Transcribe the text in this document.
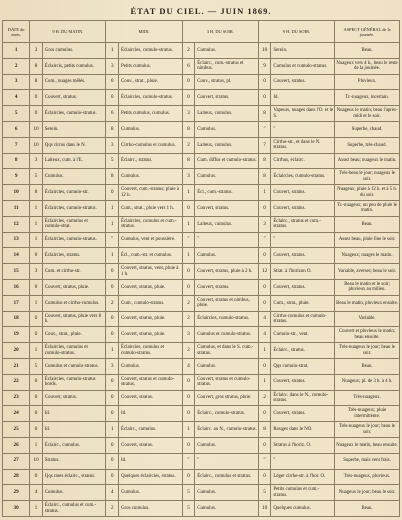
ÉTAT DU CIEL. — JUIN 1869.
DATE du mois.	9 H. DU MATIN.		MIDI.		3 H. DU SOIR.		9 H. DU SOIR.		ASPECT GÉNÉRAL de la journée.
1	3	Gros cumulus.	1	Éclaircies, cumulo-stratus.	2	Cumulus.	10	Serein.	Beau.
2	8	Éclaircis, petits cumulus.	3	Petits cumulus.	6	Éclairc., cum.-stratus et nimbus.	9	Cumulus et cumulo-stratus.	Nuageux vers 4 h., beau le reste de la journée.
3	8	Cum., nuages mêlés.	0	Couv., strat., pluie.	0	Couv., stratus, pl.	0	Couvert, stratus.	Pluvieux.
4	0	Couvert, stratus.	0	Éclaircies, cumulo-stratus.	0	Couvert, stratus.	0	Id.	Tr.-nuageux, incertain.
5	0	Éclaircies, cumulo-stratus.	6	Petits cumulus, cumulus.	3	Laiteux, cumulus.	8	Vapeurs, nuages dans l'O. et le S.	Nuageux le matin; beau l'après-midi et le soir.
6	10	Serein.	8	Cumulus.	8	Cumulus.	″	″	Superbe, chaud.
7	10	Qqs cirrus dans le N.	3	Cirrho-cumulus et cumulus.	2	Laiteux, cumulus.	7	Cirrho-str., et dans le N. stratus.	Superbe, très-chaud.
8	3	Laiteux, cum. à l'E.	5	Éclairc., stratus.	8	Cum. diffus et cumulo-stratus.	8	Cirrhus, éclairc.	Assez beau; nuageux le matin.
9	5	Cumulus.	8	Cumulus.	3	Cumulus.	8	Éclaircies, cumulo-stratus.	Très-beau le jour; nuageux le soir.
10	8	Éclaircies, cumulo-str.	0	Couvert, cum.-stratus; pluie à 12 h.	1	Écl., cum.-stratus.	1	Couvert, stratus.	Nuageux, pluie à 12 h. et à 5 h. du soir.
11	1	Éclaircies, cumulo-stratus.	1	Cum., strat., pluie vers 1 h.	0	Couvert, stratus.	0	Couvert, stratus.	Tr.-nuageux; un peu de pluie le matin.
12	1	Éclaircies, cumulus et cumulo-strat.	1	Éclaircies, cumulus et cum.-stratus.	1	Laiteux, cumulus.	3	Éclairc., stratus et cum.-stratus.	Beau.
13	1	Éclaircies, cumulo-stratus.	″	Cumulus, vent et poussière.	″	″	″	″	Assez beau, pluie fine le soir.
14	0	Éclaircies, stratus.	1	Écl., cum.-str. et cumulus.	1	Cumulus.	0	Couvert, stratus.	Nuageux; nuages le matin.
15	3	Cum. et cirrho-str.	0	Couvert, stratus, vent, pluie à 1 h.	0	Couvert, stratus, pluie à 2 h.	12	Strat. à l'horizon O.	Variable, averses; beau le soir.
16	0	Couvert, stratus, pluie.	0	Couvert, stratus, pluie.	0	Couvert, stratus.	0	Couvert, stratus.	Beau le matin et le soir; pluvieux au milieu.
17	1	Cumulus et cirrho-cumulus.	2	Cum., cumulo-stratus.	2	Couvert, stratus et nimbus, pluie.	0	Cum., strat., pluie.	Beau le matin, pluvieux ensuite.
18	0	Couvert, stratus, pluie vers 8 h.	0	Couvert, stratus, pluie.	2	Éclaircies, cumulo-stratus.	4	Cirrho-cumulus et cumulo-stratus.	Variable.
19	0	Couv., strat., pluie.	0	Couvert, stratus, pluie.	3	Cumulus et cumulo-stratus.	4	Cumulo-str., vent.	Couvert et pluvieux le matin; beau ensuite.
20	1	Éclaircies, cumulus et cumulo-stratus.	1	Éclaircies, cumulus et cumulo-stratus.	2	Cumulus, et dans le S. cum.-stratus.	1	Éclairc., stratus.	Très-nuageux le jour; beau le soir.
21	5	Cumulus et cumulo-stratus.	3	Cumulus.	4	Cumulus.	0	Qqs cumulo-strat.	Beau.
22	0	Éclaircies, cumulo-stratus bords.	0	Couvert, stratus et cumulo-stratus.	0	Couvert, stratus et cumulo-stratus.	1	Couvert, stratus.	Nuageux; pl. de 3 h. à 4 h.
23	0	Couvert, stratus.	0	Couvert, stratus.	0	Couvert, gros stratus, pluie.	2	Éclairc. dans le N., cumulo-stratus.	Très-nuageux.
24	0	Id.	0	Id.	0	Éclairc., cumulo-stratus.	0	Couvert, stratus.	Très-nuageux; pluie intermittente.
25	0	Id.	1	Éclairc., cumulus.	1	Éclairc. au N., cumulo-stratus.	8	Rouges dans le NO.	Très-nuageux le jour; beau le soir.
26	1	Éclairc., cumulus.	0	Couvert, stratus.	0	Cumulus.	0	Stratus à l'horiz. O.	Nuageux le matin, beau ensuite.
27	10	Stratus.	0	Id.	″	″	″	″	Superbe, mais vent frais.
28	0	Qqs rares éclairc., stratus.	0	Quelques éclaircies, stratus.	0	Éclairc., cumulus et stratus.	0	Léger cirrhe-str. à l'hor. O.	Très-nuageux, pluvieux.
29	4	Cumulus.	4	Cumulus.	5	Cumulus.	5	Petits cumulus et cum.-stratus.	Nuageux le jour; beau le soir.
30	1	Éclairc., cumulus et cum.-stratus.	2	Gros cumulus.	5	Cumulus.	10	Quelques cumulus.	Beau.
